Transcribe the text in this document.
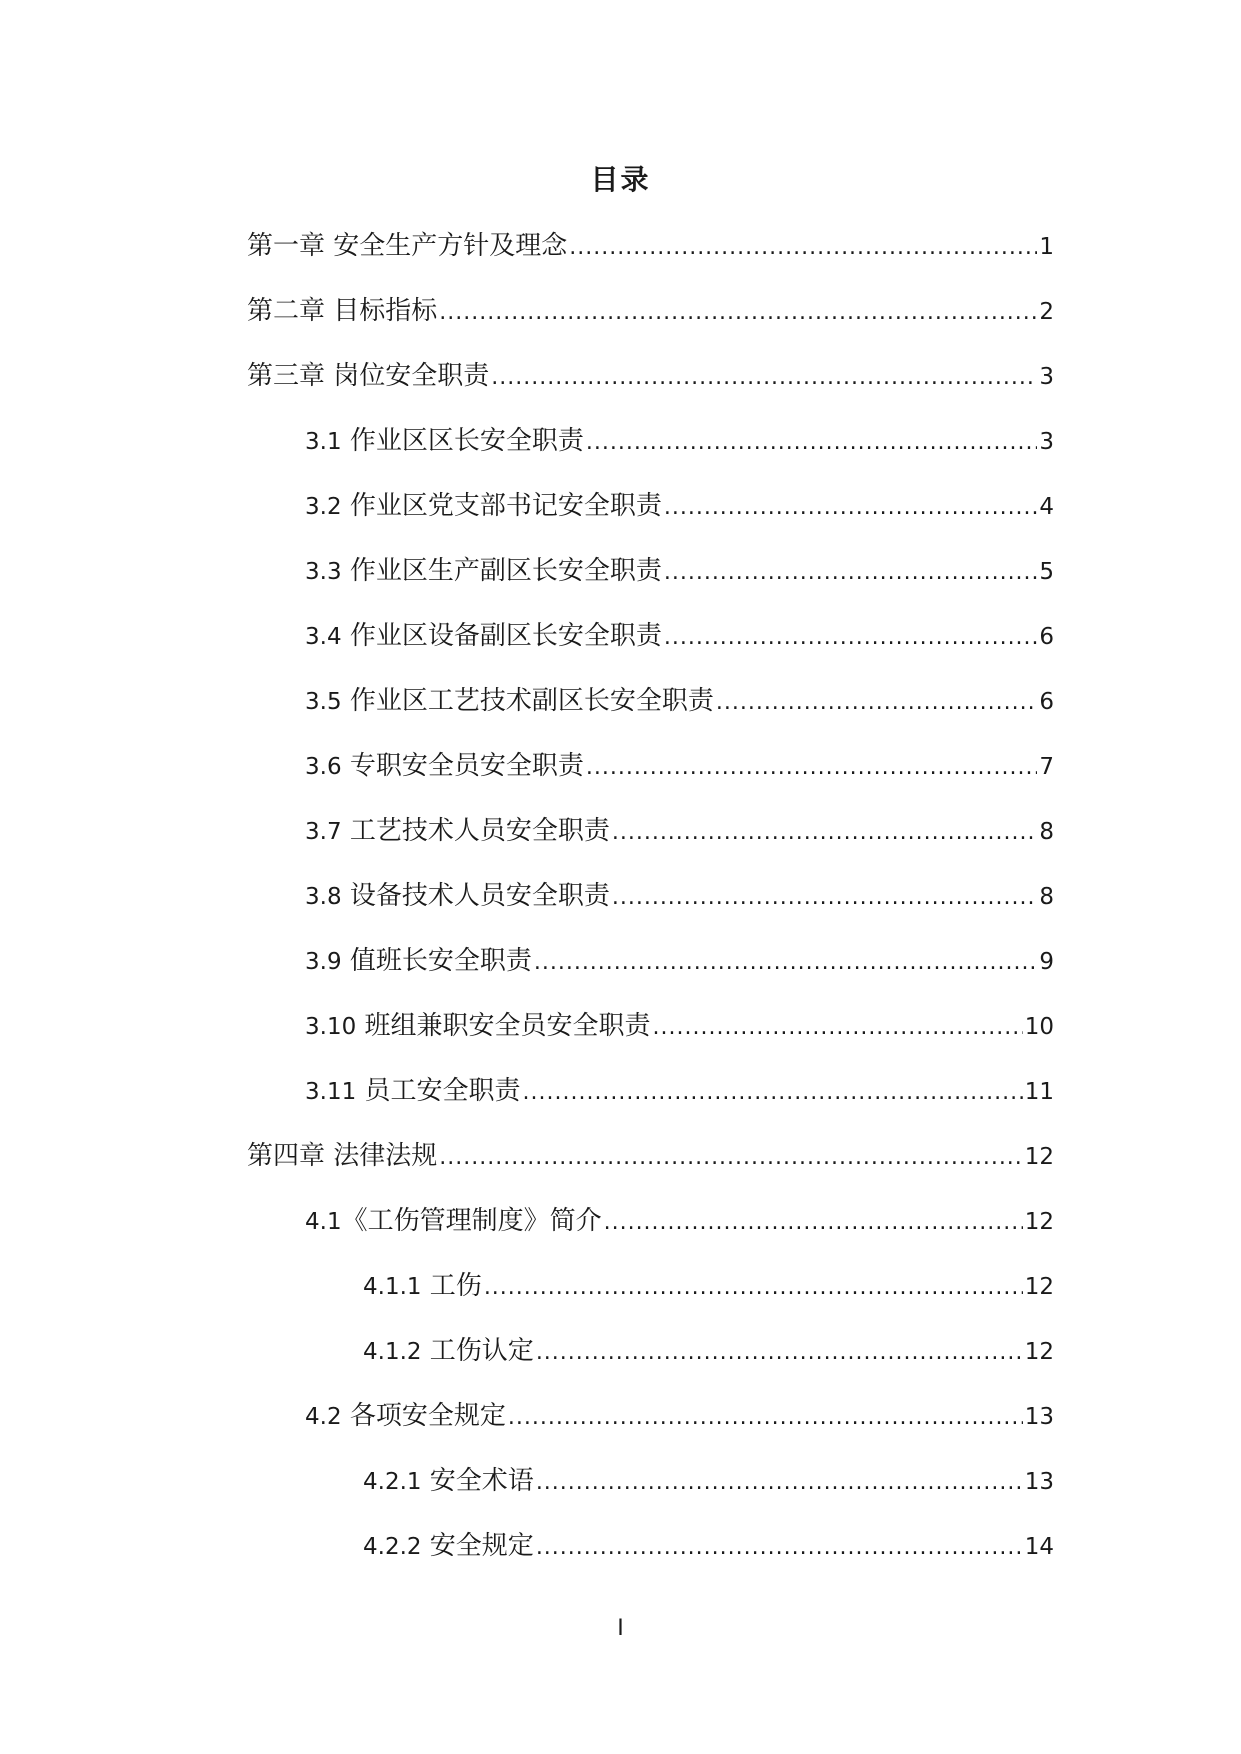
目录
第一章 安全生产方针及理念 .....	1
第二章 目标指标 .....	2
第三章 岗位安全职责 .....	3
3.1 作业区区长安全职责 .....	3
3.2 作业区党支部书记安全职责 .....	4
3.3 作业区生产副区长安全职责 .....	5
3.4 作业区设备副区长安全职责 .....	6
3.5 作业区工艺技术副区长安全职责 .....	6
3.6 专职安全员安全职责 .....	7
3.7 工艺技术人员安全职责 .....	8
3.8 设备技术人员安全职责 .....	8
3.9 值班长安全职责 .....	9
3.10 班组兼职安全员安全职责 .....	10
3.11 员工安全职责 .....	11
第四章 法律法规 .....	12
4.1《工伤管理制度》简介 .....	12
4.1.1 工伤 .....	12
4.1.2 工伤认定 .....	12
4.2 各项安全规定 .....	13
4.2.1 安全术语 .....	13
4.2.2 安全规定 .....	14
I
